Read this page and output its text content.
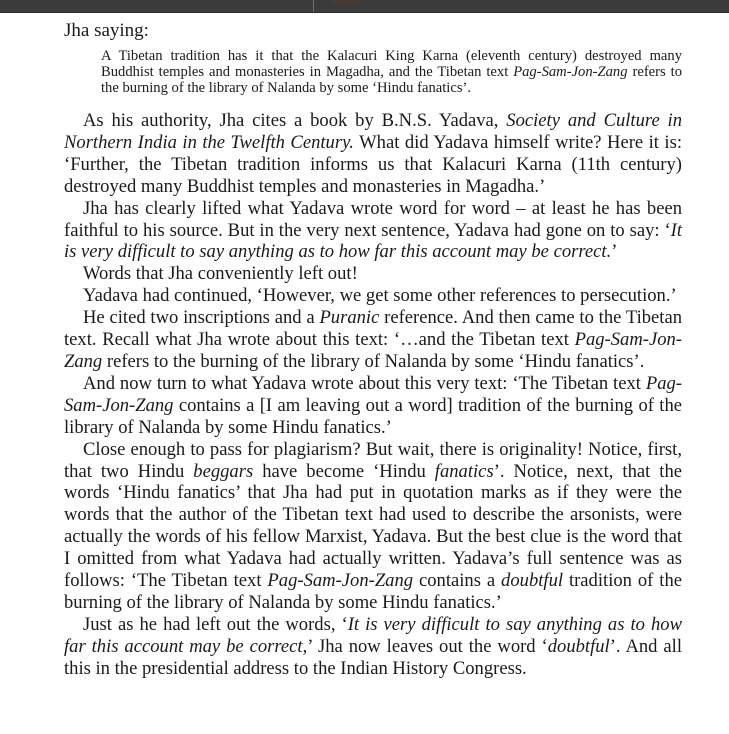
Jha saying:

A Tibetan tradition has it that the Kalacuri King Karna (eleventh century) destroyed many Buddhist temples and monasteries in Magadha, and the Tibetan text Pag-Sam-Jon-Zang refers to the burning of the library of Nalanda by some ‘Hindu fanatics’.

As his authority, Jha cites a book by B.N.S. Yadava, Society and Culture in Northern India in the Twelfth Century. What did Yadava himself write? Here it is: ‘Further, the Tibetan tradition informs us that Kalacuri Karna (11th century) destroyed many Buddhist temples and monasteries in Magadha.’

Jha has clearly lifted what Yadava wrote word for word – at least he has been faithful to his source. But in the very next sentence, Yadava had gone on to say: ‘It is very difficult to say anything as to how far this account may be correct.’

Words that Jha conveniently left out!

Yadava had continued, ‘However, we get some other references to persecution.’

He cited two inscriptions and a Puranic reference. And then came to the Tibetan text. Recall what Jha wrote about this text: ‘…and the Tibetan text Pag-Sam-Jon-Zang refers to the burning of the library of Nalanda by some ‘Hindu fanatics’.

And now turn to what Yadava wrote about this very text: ‘The Tibetan text Pag-Sam-Jon-Zang contains a [I am leaving out a word] tradition of the burning of the library of Nalanda by some Hindu fanatics.’

Close enough to pass for plagiarism? But wait, there is originality! Notice, first, that two Hindu beggars have become ‘Hindu fanatics’. Notice, next, that the words ‘Hindu fanatics’ that Jha had put in quotation marks as if they were the words that the author of the Tibetan text had used to describe the arsonists, were actually the words of his fellow Marxist, Yadava. But the best clue is the word that I omitted from what Yadava had actually written. Yadava’s full sentence was as follows: ‘The Tibetan text Pag-Sam-Jon-Zang contains a doubtful tradition of the burning of the library of Nalanda by some Hindu fanatics.’

Just as he had left out the words, ‘It is very difficult to say anything as to how far this account may be correct,’ Jha now leaves out the word ‘doubtful’. And all this in the presidential address to the Indian History Congress.
